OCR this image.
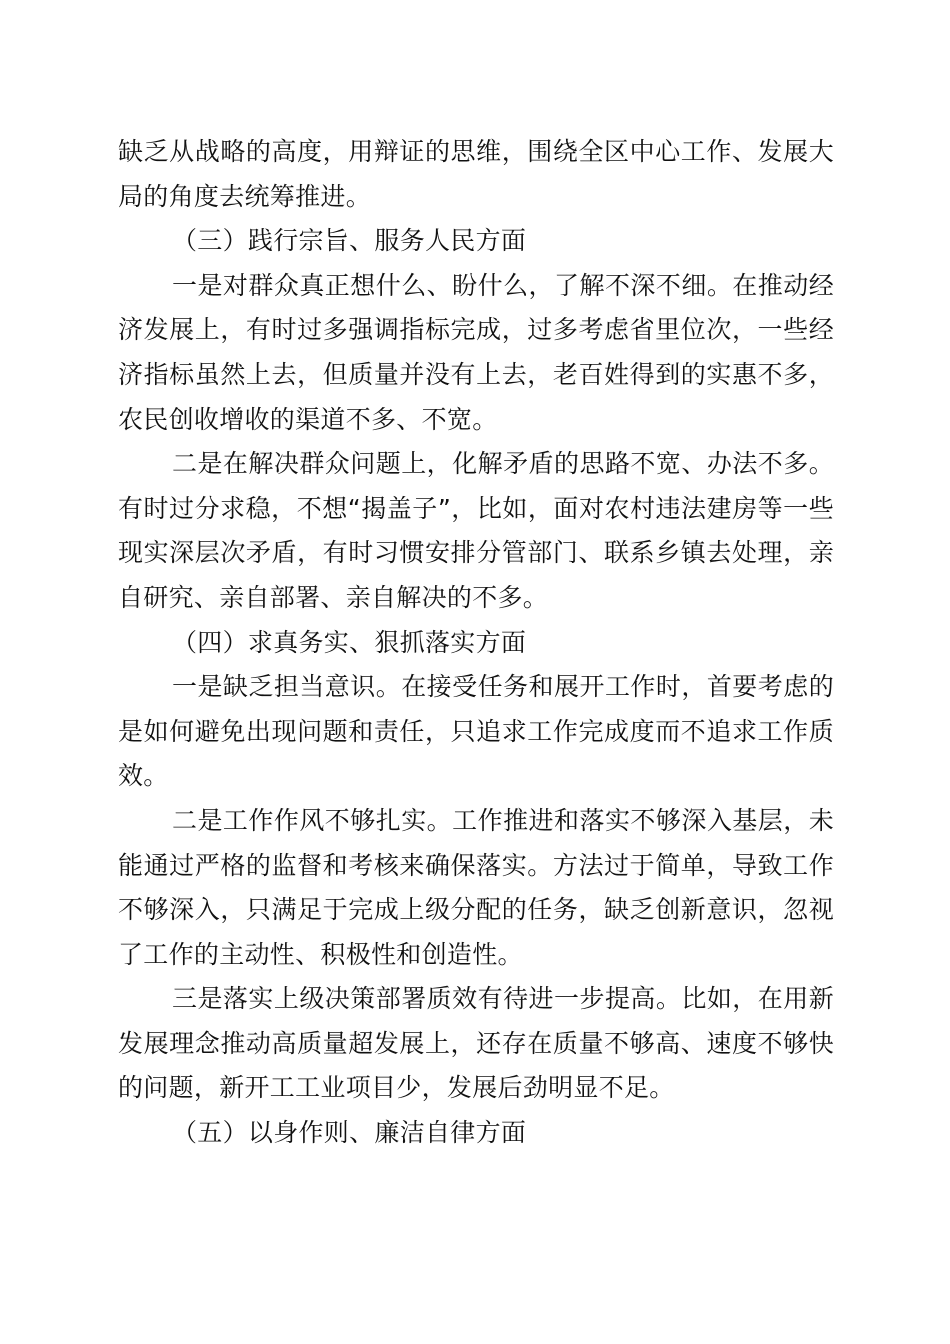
缺乏从战略的高度，用辩证的思维，围绕全区中心工作、发展大局的角度去统筹推进。

（三）践行宗旨、服务人民方面

一是对群众真正想什么、盼什么，了解不深不细。在推动经济发展上，有时过多强调指标完成，过多考虑省里位次，一些经济指标虽然上去，但质量并没有上去，老百姓得到的实惠不多，农民创收增收的渠道不多、不宽。

二是在解决群众问题上，化解矛盾的思路不宽、办法不多。有时过分求稳，不想“揭盖子”，比如，面对农村违法建房等一些现实深层次矛盾，有时习惯安排分管部门、联系乡镇去处理，亲自研究、亲自部署、亲自解决的不多。

（四）求真务实、狠抓落实方面

一是缺乏担当意识。在接受任务和展开工作时，首要考虑的是如何避免出现问题和责任，只追求工作完成度而不追求工作质效。

二是工作作风不够扎实。工作推进和落实不够深入基层，未能通过严格的监督和考核来确保落实。方法过于简单，导致工作不够深入，只满足于完成上级分配的任务，缺乏创新意识，忽视了工作的主动性、积极性和创造性。

三是落实上级决策部署质效有待进一步提高。比如，在用新发展理念推动高质量超发展上，还存在质量不够高、速度不够快的问题，新开工工业项目少，发展后劲明显不足。

（五）以身作则、廉洁自律方面
